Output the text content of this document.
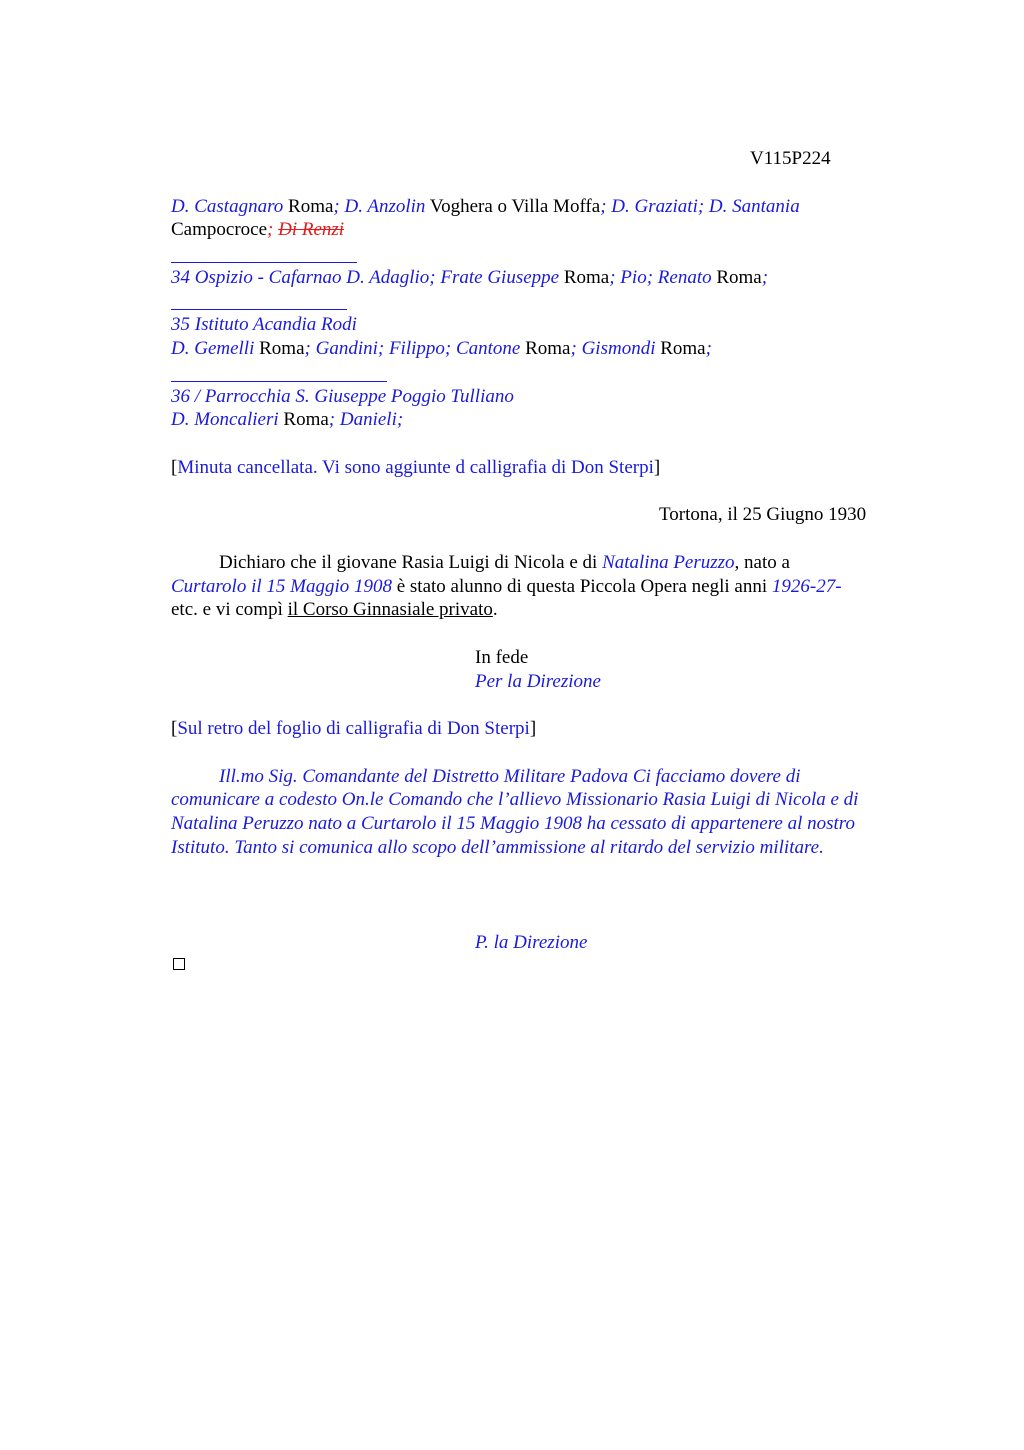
V115P224
D. Castagnaro Roma; D. Anzolin Voghera o Villa Moffa; D. Graziati; D. Santania
Campocroce; Di Renzi
34 Ospizio - Cafarnao D. Adaglio; Frate Giuseppe Roma; Pio; Renato Roma;
35 Istituto Acandia Rodi
D. Gemelli Roma; Gandini; Filippo; Cantone Roma; Gismondi Roma;
36 / Parrocchia S. Giuseppe Poggio Tulliano
D. Moncalieri Roma; Danieli;
[Minuta cancellata. Vi sono aggiunte d calligrafia di Don Sterpi]
Tortona, il 25 Giugno 1930
Dichiaro che il giovane Rasia Luigi di Nicola e di Natalina Peruzzo, nato a
Curtarolo il 15 Maggio 1908 è stato alunno di questa Piccola Opera negli anni 1926-27-
etc. e vi compì il Corso Ginnasiale privato.
In fede
Per la Direzione
[Sul retro del foglio di calligrafia di Don Sterpi]
Ill.mo Sig. Comandante del Distretto Militare Padova Ci facciamo dovere di
comunicare a codesto On.le Comando che l’allievo Missionario Rasia Luigi di Nicola e di
Natalina Peruzzo nato a Curtarolo il 15 Maggio 1908 ha cessato di appartenere al nostro
Istituto. Tanto si comunica allo scopo dell’ammissione al ritardo del servizio militare.
P. la Direzione
